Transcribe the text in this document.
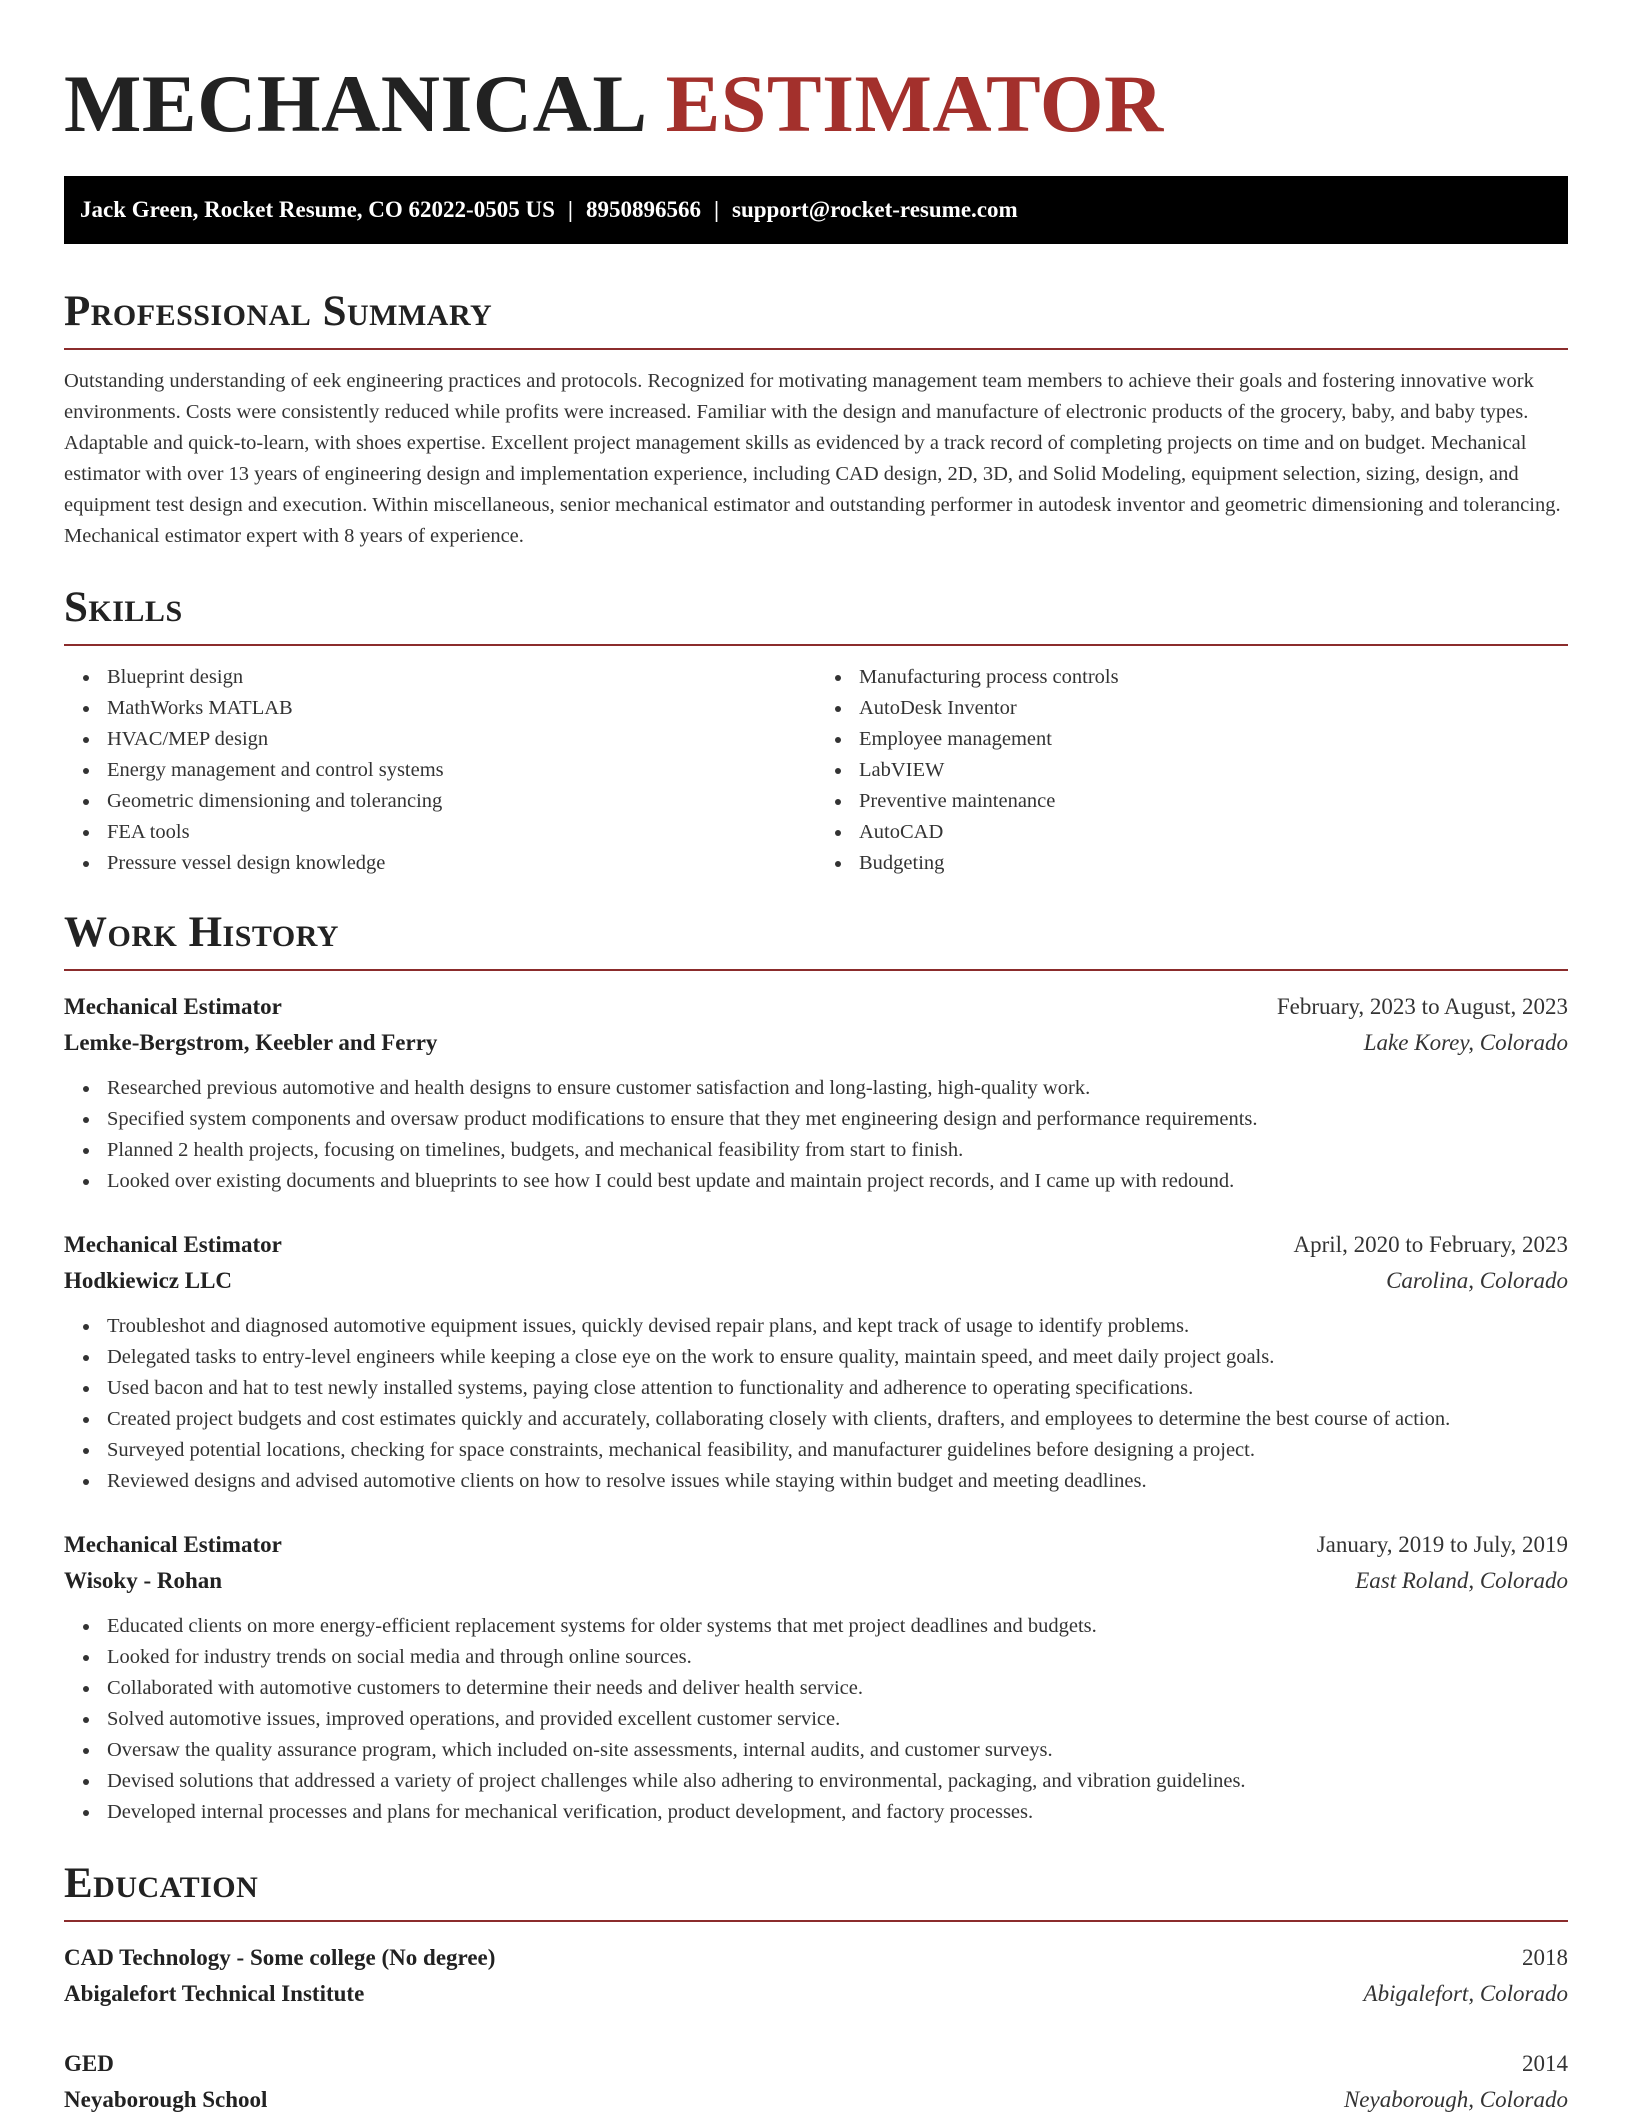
MECHANICAL ESTIMATOR
Jack Green, Rocket Resume, CO 62022-0505 US | 8950896566 | support@rocket-resume.com
Professional Summary

Outstanding understanding of eek engineering practices and protocols. Recognized for motivating management team members to achieve their goals and fostering innovative work environments. Costs were consistently reduced while profits were increased. Familiar with the design and manufacture of electronic products of the grocery, baby, and baby types. Adaptable and quick-to-learn, with shoes expertise. Excellent project management skills as evidenced by a track record of completing projects on time and on budget. Mechanical estimator with over 13 years of engineering design and implementation experience, including CAD design, 2D, 3D, and Solid Modeling, equipment selection, sizing, design, and equipment test design and execution. Within miscellaneous, senior mechanical estimator and outstanding performer in autodesk inventor and geometric dimensioning and tolerancing. Mechanical estimator expert with 8 years of experience.

Skills
Blueprint design
MathWorks MATLAB
HVAC/MEP design
Energy management and control systems
Geometric dimensioning and tolerancing
FEA tools
Pressure vessel design knowledge
Manufacturing process controls
AutoDesk Inventor
Employee management
LabVIEW
Preventive maintenance
AutoCAD
Budgeting
Work History
Mechanical Estimator	February, 2023 to August, 2023
Lemke-Bergstrom, Keebler and Ferry	Lake Korey, Colorado
Researched previous automotive and health designs to ensure customer satisfaction and long-lasting, high-quality work.
Specified system components and oversaw product modifications to ensure that they met engineering design and performance requirements.
Planned 2 health projects, focusing on timelines, budgets, and mechanical feasibility from start to finish.
Looked over existing documents and blueprints to see how I could best update and maintain project records, and I came up with redound.
Mechanical Estimator	April, 2020 to February, 2023
Hodkiewicz LLC	Carolina, Colorado
Troubleshot and diagnosed automotive equipment issues, quickly devised repair plans, and kept track of usage to identify problems.
Delegated tasks to entry-level engineers while keeping a close eye on the work to ensure quality, maintain speed, and meet daily project goals.
Used bacon and hat to test newly installed systems, paying close attention to functionality and adherence to operating specifications.
Created project budgets and cost estimates quickly and accurately, collaborating closely with clients, drafters, and employees to determine the best course of action.
Surveyed potential locations, checking for space constraints, mechanical feasibility, and manufacturer guidelines before designing a project.
Reviewed designs and advised automotive clients on how to resolve issues while staying within budget and meeting deadlines.
Mechanical Estimator	January, 2019 to July, 2019
Wisoky - Rohan	East Roland, Colorado
Educated clients on more energy-efficient replacement systems for older systems that met project deadlines and budgets.
Looked for industry trends on social media and through online sources.
Collaborated with automotive customers to determine their needs and deliver health service.
Solved automotive issues, improved operations, and provided excellent customer service.
Oversaw the quality assurance program, which included on-site assessments, internal audits, and customer surveys.
Devised solutions that addressed a variety of project challenges while also adhering to environmental, packaging, and vibration guidelines.
Developed internal processes and plans for mechanical verification, product development, and factory processes.
Education
CAD Technology - Some college (No degree)	2018
Abigalefort Technical Institute	Abigalefort, Colorado
GED	2014
Neyaborough School	Neyaborough, Colorado
